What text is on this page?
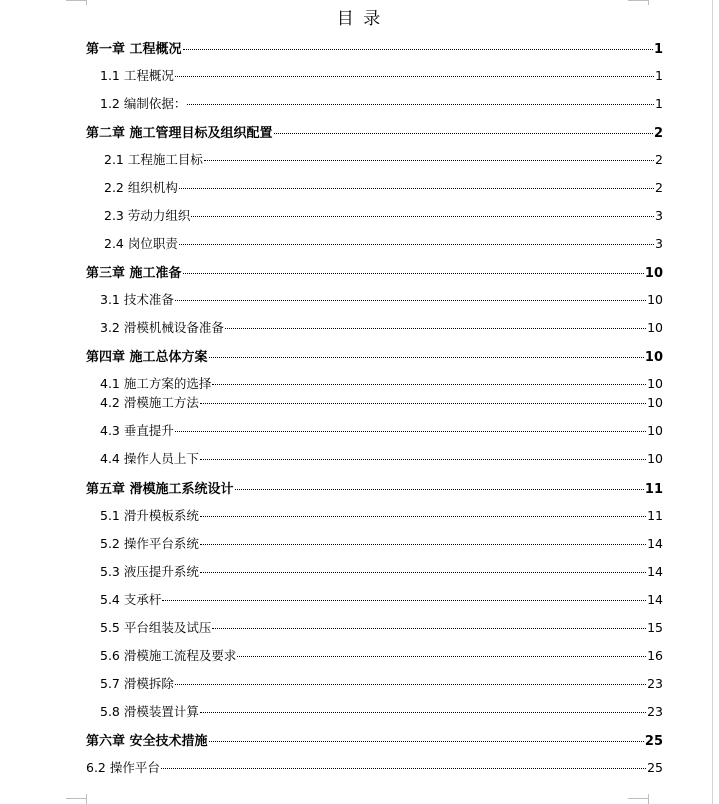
目 录
第一章 工程概况	1
1.1 工程概况	1
1.2 编制依据：	1
第二章 施工管理目标及组织配置	2
2.1 工程施工目标	2
2.2 组织机构	2
2.3 劳动力组织	3
2.4 岗位职责	3
第三章 施工准备	10
3.1 技术准备	10
3.2 滑模机械设备准备	10
第四章 施工总体方案	10
4.1 施工方案的选择	10
4.2 滑模施工方法	10
4.3 垂直提升	10
4.4 操作人员上下	10
第五章 滑模施工系统设计	11
5.1 滑升模板系统	11
5.2 操作平台系统	14
5.3 液压提升系统	14
5.4 支承杆	14
5.5 平台组装及试压	15
5.6 滑模施工流程及要求	16
5.7 滑模拆除	23
5.8 滑模装置计算	23
第六章 安全技术措施	25
6.2 操作平台	25
